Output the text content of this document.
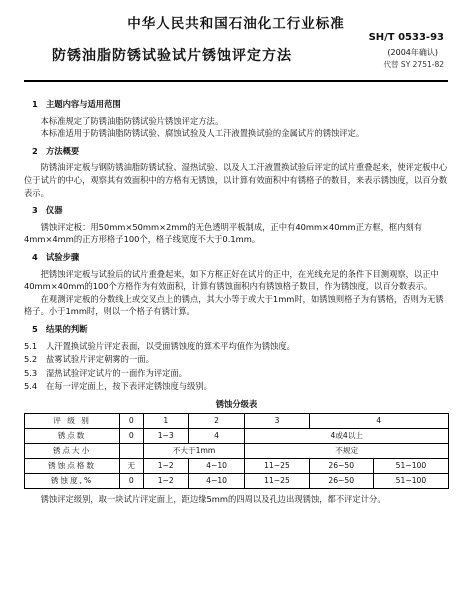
中华人民共和国石油化工行业标准
防锈油脂防锈试验试片锈蚀评定方法
SH/T 0533-93
(2004年确认)
代替 SY 2751-82
1 主题内容与适用范围

本标准规定了防锈油脂防锈试验片锈蚀评定方法。

本标准适用于防锈油脂防锈试验、腐蚀试验及人工汗液置换试验的金属试片的锈蚀评定。

2 方法概要

防锈油评定板与钢防锈油脂防锈试验、湿热试验、以及人工汗液置换试验后评定的试片重叠起来，使评定板中心位于试片的中心，观察其有效面积中的方格有无锈蚀，以计算有效面积中有锈格子的数目，来表示锈蚀度，以百分数表示。

3 仪器

锈蚀评定板：用50mm×50mm×2mm的无色透明平板制成，正中有40mm×40mm正方框，框内刻有4mm×4mm的正方形格子100个，格子线宽度不大于0.1mm。

4 试验步骤

把锈蚀评定板与试验后的试片重叠起来，如下方框正好在试片的正中，在光线充足的条件下目测观察，以正中40mm×40mm的100个方格作为有效面积，计算有锈蚀面积内有锈蚀格子数目，作为锈蚀度，以百分数表示。

在观测评定板的分数线上或交叉点上的锈点，其大小等于或大于1mm时，如锈蚀则格子为有锈格，否则为无锈格子。小于1mm时，则以一个格子有锈计算。

5 结果的判断
5.1 人汗置换试验片评定表面，以受面锈蚀度的算术平均值作为锈蚀度。
5.2 盐雾试验片评定朝雾的一面。
5.3 湿热试验评定试片的一面作为评定面。
5.4 在每一评定面上，按下表评定锈蚀度与级别。
锈蚀分级表
评 级 别	0	1	2	3	4	
锈点数	0	1~3	4	4或4以上		
锈点大小		不大于1mm		不规定		
锈蚀点格数	无	1~2	4~10	11~25	26~50	51~100
锈蚀度,%	0	1~2	4~10	11~25	26~50	51~100

锈蚀评定级别，取一块试片评定面上，距边缘5mm的四周以及孔边出现锈蚀，都不评定计分。
